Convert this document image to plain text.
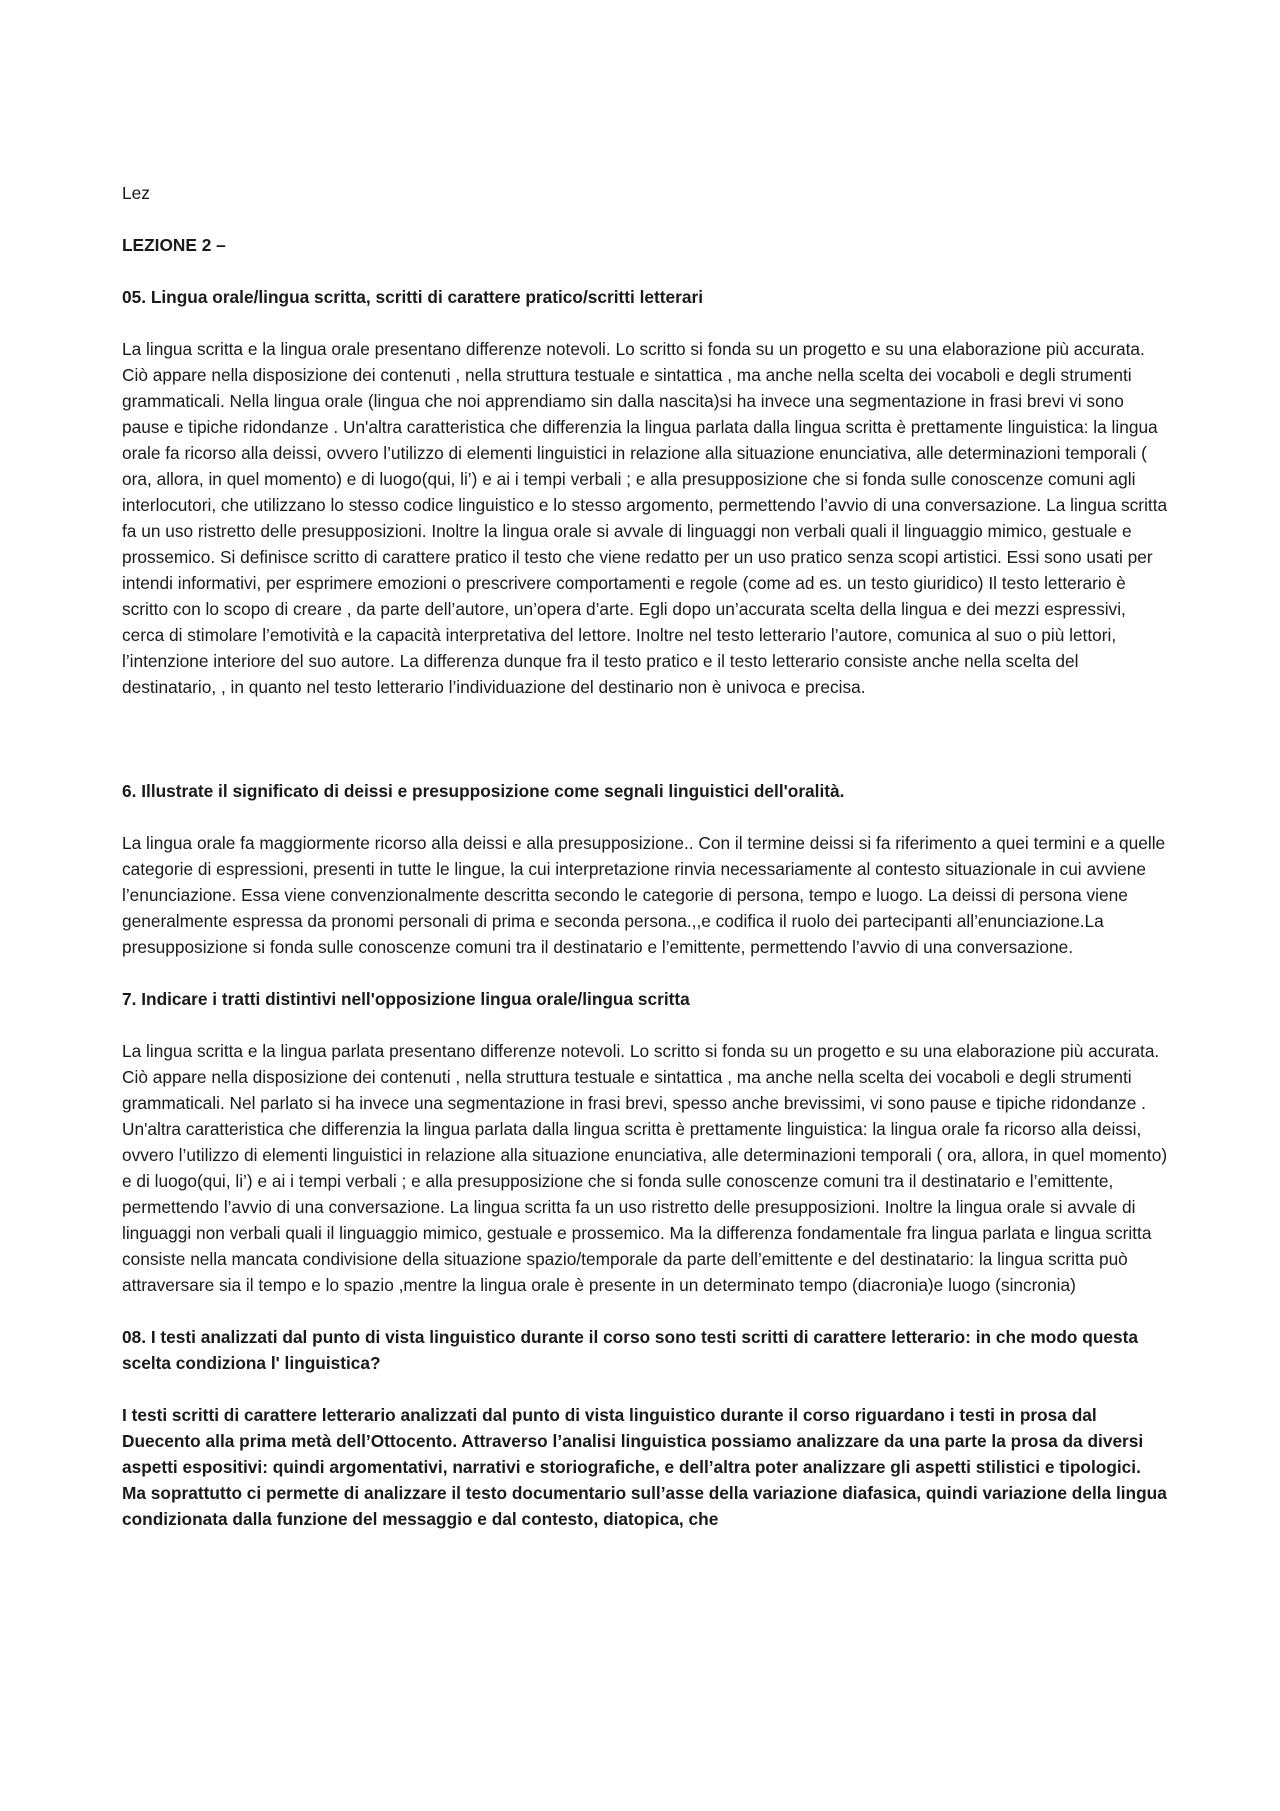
Lez

LEZIONE 2 –

05. Lingua orale/lingua scritta, scritti di carattere pratico/scritti letterari

La lingua scritta e la lingua orale presentano differenze notevoli. Lo scritto si fonda su un progetto e su una elaborazione più accurata. Ciò appare nella disposizione dei contenuti , nella struttura testuale e sintattica , ma anche nella scelta dei vocaboli e degli strumenti grammaticali. Nella lingua orale (lingua che noi apprendiamo sin dalla nascita)si ha invece una segmentazione in frasi brevi vi sono pause e tipiche ridondanze . Un'altra caratteristica che differenzia la lingua parlata dalla lingua scritta è prettamente linguistica: la lingua orale fa ricorso alla deissi, ovvero l’utilizzo di elementi linguistici in relazione alla situazione enunciativa, alle determinazioni temporali ( ora, allora, in quel momento) e di luogo(qui, li’) e ai i tempi verbali ; e alla presupposizione che si fonda sulle conoscenze comuni agli interlocutori, che utilizzano lo stesso codice linguistico e lo stesso argomento, permettendo l’avvio di una conversazione. La lingua scritta fa un uso ristretto delle presupposizioni. Inoltre la lingua orale si avvale di linguaggi non verbali quali il linguaggio mimico, gestuale e prossemico. Si definisce scritto di carattere pratico il testo che viene redatto per un uso pratico senza scopi artistici. Essi sono usati per intendi informativi, per esprimere emozioni o prescrivere comportamenti e regole (come ad es. un testo giuridico) Il testo letterario è scritto con lo scopo di creare , da parte dell’autore, un’opera d’arte. Egli dopo un’accurata scelta della lingua e dei mezzi espressivi, cerca di stimolare l’emotività e la capacità interpretativa del lettore. Inoltre nel testo letterario l’autore, comunica al suo o più lettori, l’intenzione interiore del suo autore. La differenza dunque fra il testo pratico e il testo letterario consiste anche nella scelta del destinatario, , in quanto nel testo letterario l’individuazione del destinario non è univoca e precisa.

6. Illustrate il significato di deissi e presupposizione come segnali linguistici dell'oralità.

La lingua orale fa maggiormente ricorso alla deissi e alla presupposizione.. Con il termine deissi si fa riferimento a quei termini e a quelle categorie di espressioni, presenti in tutte le lingue, la cui interpretazione rinvia necessariamente al contesto situazionale in cui avviene l’enunciazione. Essa viene convenzionalmente descritta secondo le categorie di persona, tempo e luogo. La deissi di persona viene generalmente espressa da pronomi personali di prima e seconda persona.,,e codifica il ruolo dei partecipanti all’enunciazione.La presupposizione si fonda sulle conoscenze comuni tra il destinatario e l’emittente, permettendo l’avvio di una conversazione.

7. Indicare i tratti distintivi nell'opposizione lingua orale/lingua scritta

La lingua scritta e la lingua parlata presentano differenze notevoli. Lo scritto si fonda su un progetto e su una elaborazione più accurata. Ciò appare nella disposizione dei contenuti , nella struttura testuale e sintattica , ma anche nella scelta dei vocaboli e degli strumenti grammaticali. Nel parlato si ha invece una segmentazione in frasi brevi, spesso anche brevissimi, vi sono pause e tipiche ridondanze . Un'altra caratteristica che differenzia la lingua parlata dalla lingua scritta è prettamente linguistica: la lingua orale fa ricorso alla deissi, ovvero l’utilizzo di elementi linguistici in relazione alla situazione enunciativa, alle determinazioni temporali ( ora, allora, in quel momento) e di luogo(qui, li’) e ai i tempi verbali ; e alla presupposizione che si fonda sulle conoscenze comuni tra il destinatario e l’emittente, permettendo l’avvio di una conversazione. La lingua scritta fa un uso ristretto delle presupposizioni. Inoltre la lingua orale si avvale di linguaggi non verbali quali il linguaggio mimico, gestuale e prossemico. Ma la differenza fondamentale fra lingua parlata e lingua scritta consiste nella mancata condivisione della situazione spazio/temporale da parte dell’emittente e del destinatario: la lingua scritta può attraversare sia il tempo e lo spazio ,mentre la lingua orale è presente in un determinato tempo (diacronia)e luogo (sincronia)

08. I testi analizzati dal punto di vista linguistico durante il corso sono testi scritti di carattere letterario: in che modo questa scelta condiziona l' linguistica?

I testi scritti di carattere letterario analizzati dal punto di vista linguistico durante il corso riguardano i testi in prosa dal Duecento alla prima metà dell’Ottocento. Attraverso l’analisi linguistica possiamo analizzare da una parte la prosa da diversi aspetti espositivi: quindi argomentativi, narrativi e storiografiche, e dell’altra poter analizzare gli aspetti stilistici e tipologici. Ma soprattutto ci permette di analizzare il testo documentario sull’asse della variazione diafasica, quindi variazione della lingua condizionata dalla funzione del messaggio e dal contesto, diatopica, che
